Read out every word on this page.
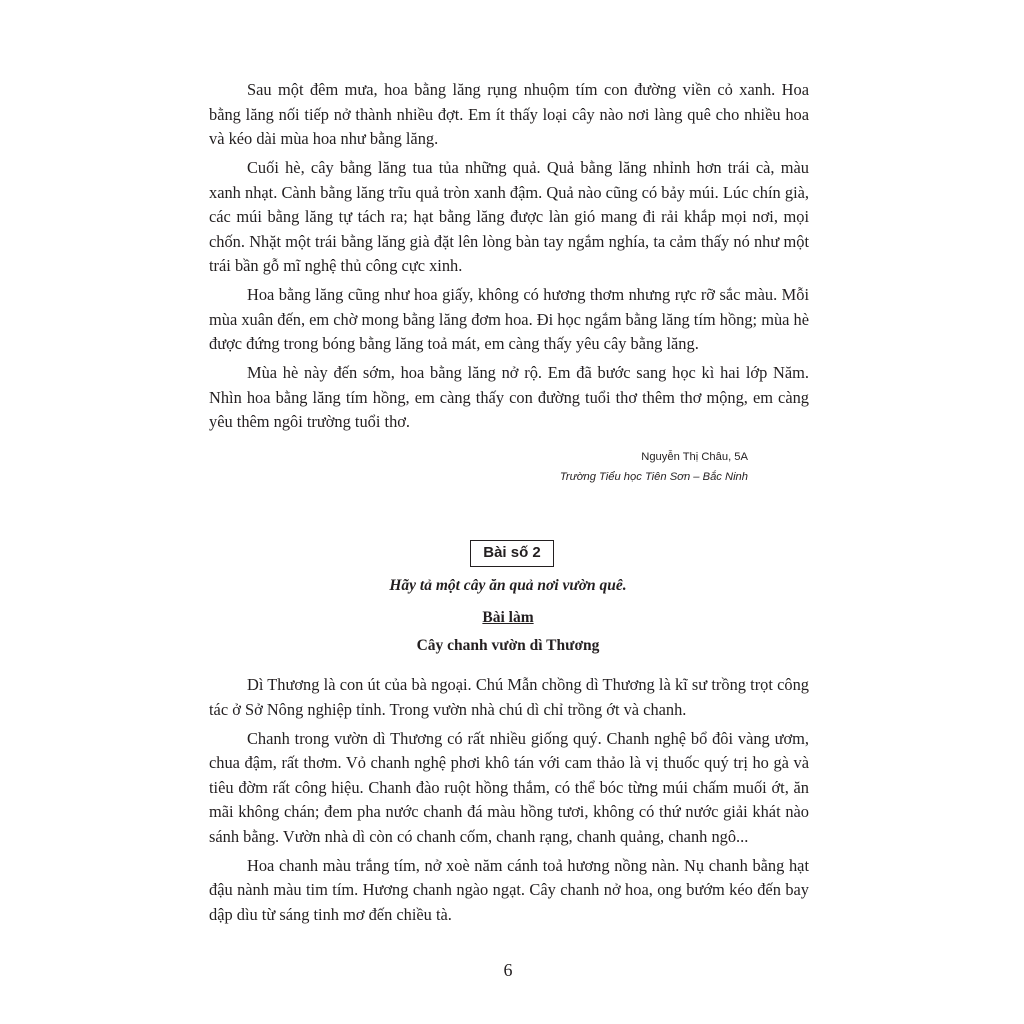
Sau một đêm mưa, hoa bằng lăng rụng nhuộm tím con đường viền cỏ xanh. Hoa bằng lăng nối tiếp nở thành nhiều đợt. Em ít thấy loại cây nào nơi làng quê cho nhiều hoa và kéo dài mùa hoa như bằng lăng.

Cuối hè, cây bằng lăng tua tủa những quả. Quả bằng lăng nhỉnh hơn trái cà, màu xanh nhạt. Cành bằng lăng trĩu quả tròn xanh đậm. Quả nào cũng có bảy múi. Lúc chín già, các múi bằng lăng tự tách ra; hạt bằng lăng được làn gió mang đi rải khắp mọi nơi, mọi chốn. Nhặt một trái bằng lăng già đặt lên lòng bàn tay ngắm nghía, ta cảm thấy nó như một trái bần gỗ mĩ nghệ thủ công cực xinh.

Hoa bằng lăng cũng như hoa giấy, không có hương thơm nhưng rực rỡ sắc màu. Mỗi mùa xuân đến, em chờ mong bằng lăng đơm hoa. Đi học ngắm bằng lăng tím hồng; mùa hè được đứng trong bóng bằng lăng toả mát, em càng thấy yêu cây bằng lăng.

Mùa hè này đến sớm, hoa bằng lăng nở rộ. Em đã bước sang học kì hai lớp Năm. Nhìn hoa bằng lăng tím hồng, em càng thấy con đường tuổi thơ thêm thơ mộng, em càng yêu thêm ngôi trường tuổi thơ.

Nguyễn Thị Châu, 5A
Trường Tiểu học Tiên Sơn – Bắc Ninh
Bài số 2
Hãy tả một cây ăn quả nơi vườn quê.
Bài làm
Cây chanh vườn dì Thương

Dì Thương là con út của bà ngoại. Chú Mẫn chồng dì Thương là kĩ sư trồng trọt công tác ở Sở Nông nghiệp tỉnh. Trong vườn nhà chú dì chỉ trồng ớt và chanh.

Chanh trong vườn dì Thương có rất nhiều giống quý. Chanh nghệ bổ đôi vàng ươm, chua đậm, rất thơm. Vỏ chanh nghệ phơi khô tán với cam thảo là vị thuốc quý trị ho gà và tiêu đờm rất công hiệu. Chanh đào ruột hồng thắm, có thể bóc từng múi chấm muối ớt, ăn mãi không chán; đem pha nước chanh đá màu hồng tươi, không có thứ nước giải khát nào sánh bằng. Vườn nhà dì còn có chanh cốm, chanh rạng, chanh quảng, chanh ngô...

Hoa chanh màu trắng tím, nở xoè năm cánh toả hương nồng nàn. Nụ chanh bằng hạt đậu nành màu tim tím. Hương chanh ngào ngạt. Cây chanh nở hoa, ong bướm kéo đến bay dập dìu từ sáng tinh mơ đến chiều tà.

6
